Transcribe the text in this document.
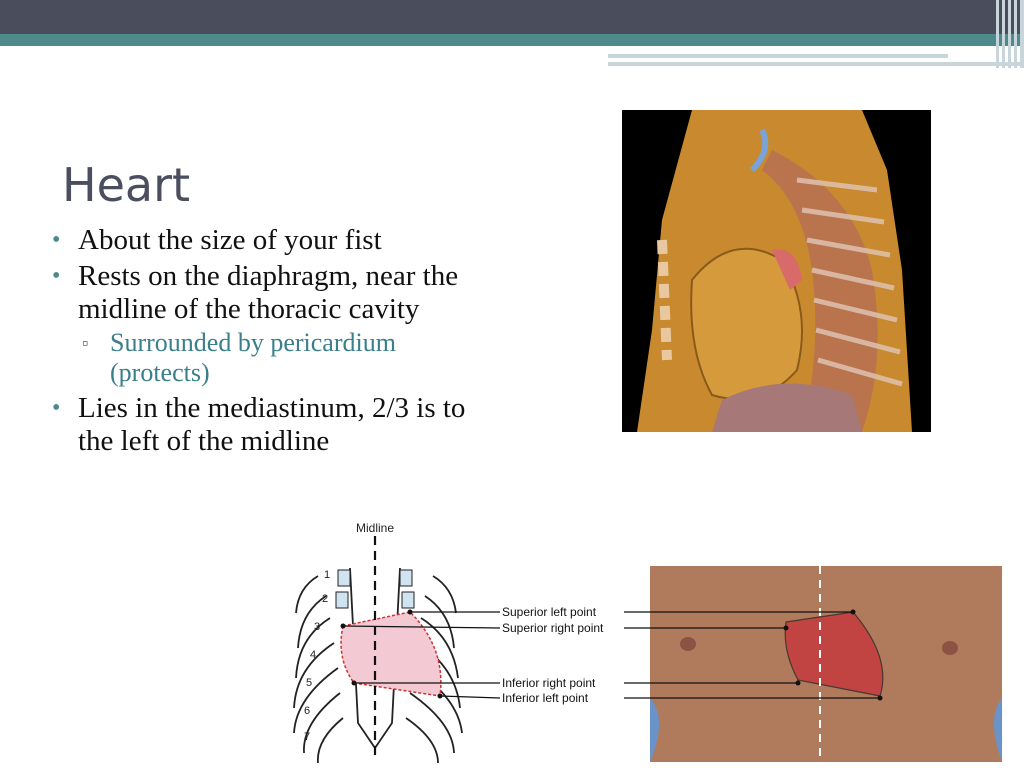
Heart
• About the size of your fist
• Rests on the diaphragm, near the midline of the thoracic cavity
▫ Surrounded by pericardium (protects)
• Lies in the mediastinum, 2/3 is to the left of the midline
Midline
1
2
3
4
5
6
7
Superior left point
Superior right point
Inferior right point
Inferior left point
